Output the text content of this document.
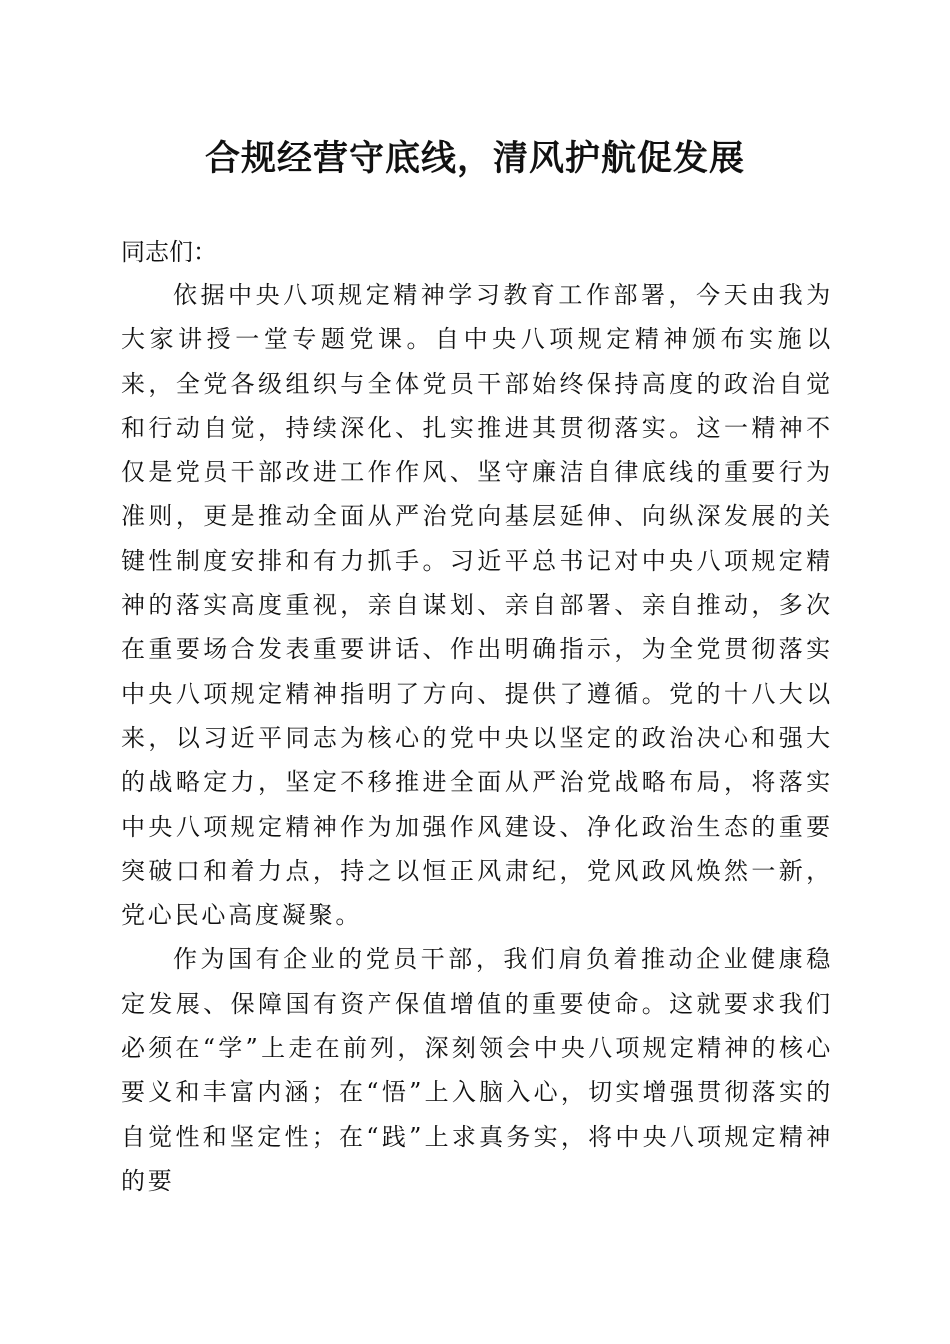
合规经营守底线，清风护航促发展

同志们：

依据中央八项规定精神学习教育工作部署，今天由我为大家讲授一堂专题党课。自中央八项规定精神颁布实施以来，全党各级组织与全体党员干部始终保持高度的政治自觉和行动自觉，持续深化、扎实推进其贯彻落实。这一精神不仅是党员干部改进工作作风、坚守廉洁自律底线的重要行为准则，更是推动全面从严治党向基层延伸、向纵深发展的关键性制度安排和有力抓手。习近平总书记对中央八项规定精神的落实高度重视，亲自谋划、亲自部署、亲自推动，多次在重要场合发表重要讲话、作出明确指示，为全党贯彻落实中央八项规定精神指明了方向、提供了遵循。党的十八大以来，以习近平同志为核心的党中央以坚定的政治决心和强大的战略定力，坚定不移推进全面从严治党战略布局，将落实中央八项规定精神作为加强作风建设、净化政治生态的重要突破口和着力点，持之以恒正风肃纪，党风政风焕然一新，党心民心高度凝聚。

作为国有企业的党员干部，我们肩负着推动企业健康稳定发展、保障国有资产保值增值的重要使命。这就要求我们必须在“学”上走在前列，深刻领会中央八项规定精神的核心要义和丰富内涵；在“悟”上入脑入心，切实增强贯彻落实的自觉性和坚定性；在“践”上求真务实，将中央八项规定精神的要
